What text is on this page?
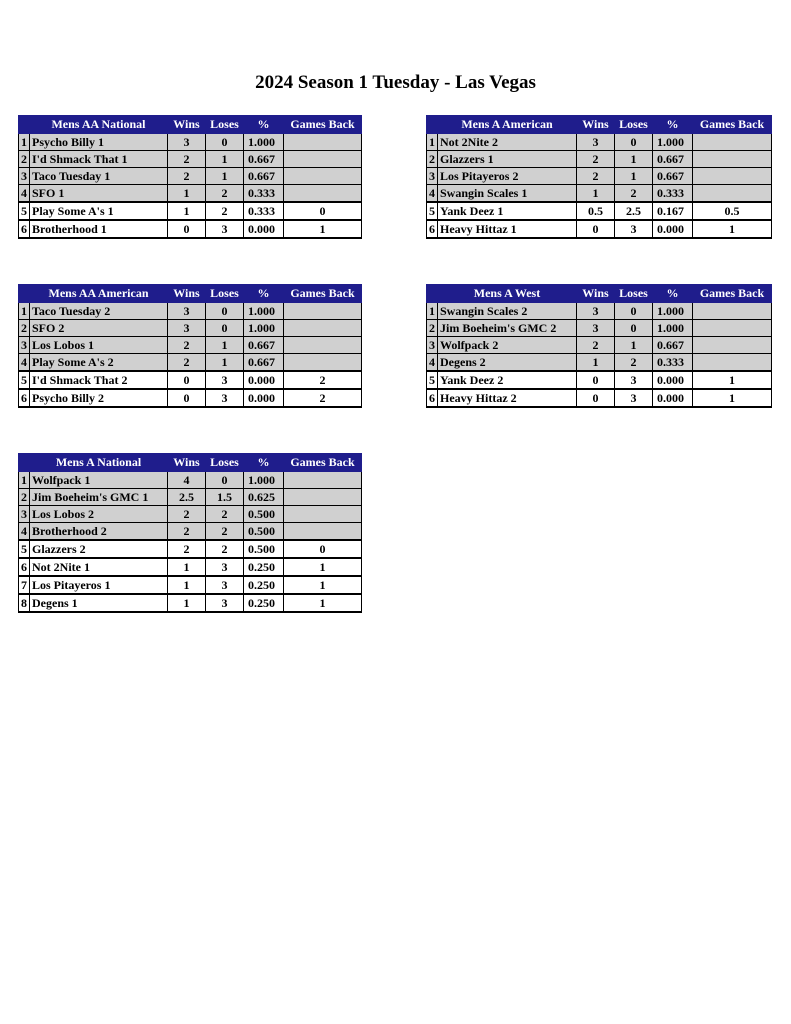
2024 Season 1 Tuesday - Las Vegas
	Mens AA National	Wins	Loses	%	Games Back
1	Psycho Billy 1	3	0	1.000	
2	I'd Shmack That 1	2	1	0.667	
3	Taco Tuesday 1	2	1	0.667	
4	SFO 1	1	2	0.333	
5	Play Some A's 1	1	2	0.333	0
6	Brotherhood 1	0	3	0.000	1
	Mens A American	Wins	Loses	%	Games Back
1	Not 2Nite 2	3	0	1.000	
2	Glazzers 1	2	1	0.667	
3	Los Pitayeros 2	2	1	0.667	
4	Swangin Scales 1	1	2	0.333	
5	Yank Deez 1	0.5	2.5	0.167	0.5
6	Heavy Hittaz 1	0	3	0.000	1
	Mens AA American	Wins	Loses	%	Games Back
1	Taco Tuesday 2	3	0	1.000	
2	SFO 2	3	0	1.000	
3	Los Lobos 1	2	1	0.667	
4	Play Some A's 2	2	1	0.667	
5	I'd Shmack That 2	0	3	0.000	2
6	Psycho Billy 2	0	3	0.000	2
	Mens A West	Wins	Loses	%	Games Back
1	Swangin Scales 2	3	0	1.000	
2	Jim Boeheim's GMC 2	3	0	1.000	
3	Wolfpack 2	2	1	0.667	
4	Degens 2	1	2	0.333	
5	Yank Deez 2	0	3	0.000	1
6	Heavy Hittaz 2	0	3	0.000	1
	Mens A National	Wins	Loses	%	Games Back
1	Wolfpack 1	4	0	1.000	
2	Jim Boeheim's GMC 1	2.5	1.5	0.625	
3	Los Lobos 2	2	2	0.500	
4	Brotherhood 2	2	2	0.500	
5	Glazzers 2	2	2	0.500	0
6	Not 2Nite 1	1	3	0.250	1
7	Los Pitayeros 1	1	3	0.250	1
8	Degens 1	1	3	0.250	1
